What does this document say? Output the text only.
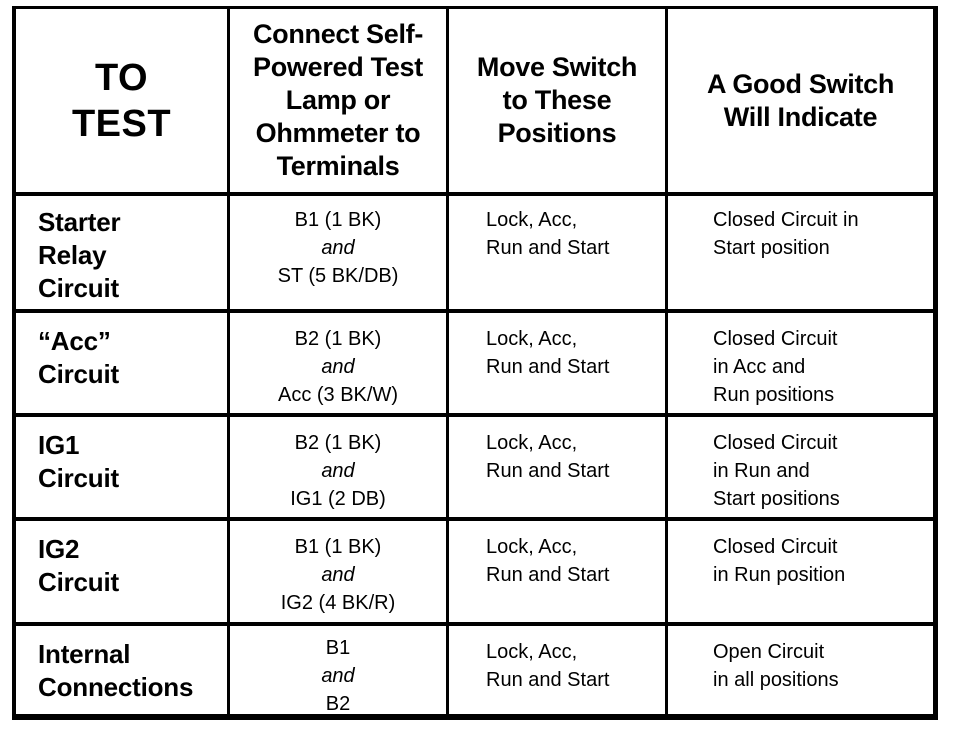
TO
TEST
Connect Self-
Powered Test
Lamp or
Ohmmeter to
Terminals
Move Switch
to These
Positions
A Good Switch
Will Indicate
Starter
Relay
Circuit
B1 (1 BK)
and
ST (5 BK/DB)
Lock, Acc,
Run and Start
Closed Circuit in
Start position
“Acc”
Circuit
B2 (1 BK)
and
Acc (3 BK/W)
Lock, Acc,
Run and Start
Closed Circuit
in Acc and
Run positions
IG1
Circuit
B2 (1 BK)
and
IG1 (2 DB)
Lock, Acc,
Run and Start
Closed Circuit
in Run and
Start positions
IG2
Circuit
B1 (1 BK)
and
IG2 (4 BK/R)
Lock, Acc,
Run and Start
Closed Circuit
in Run position
Internal
Connections
B1
and
B2
Lock, Acc,
Run and Start
Open Circuit
in all positions
